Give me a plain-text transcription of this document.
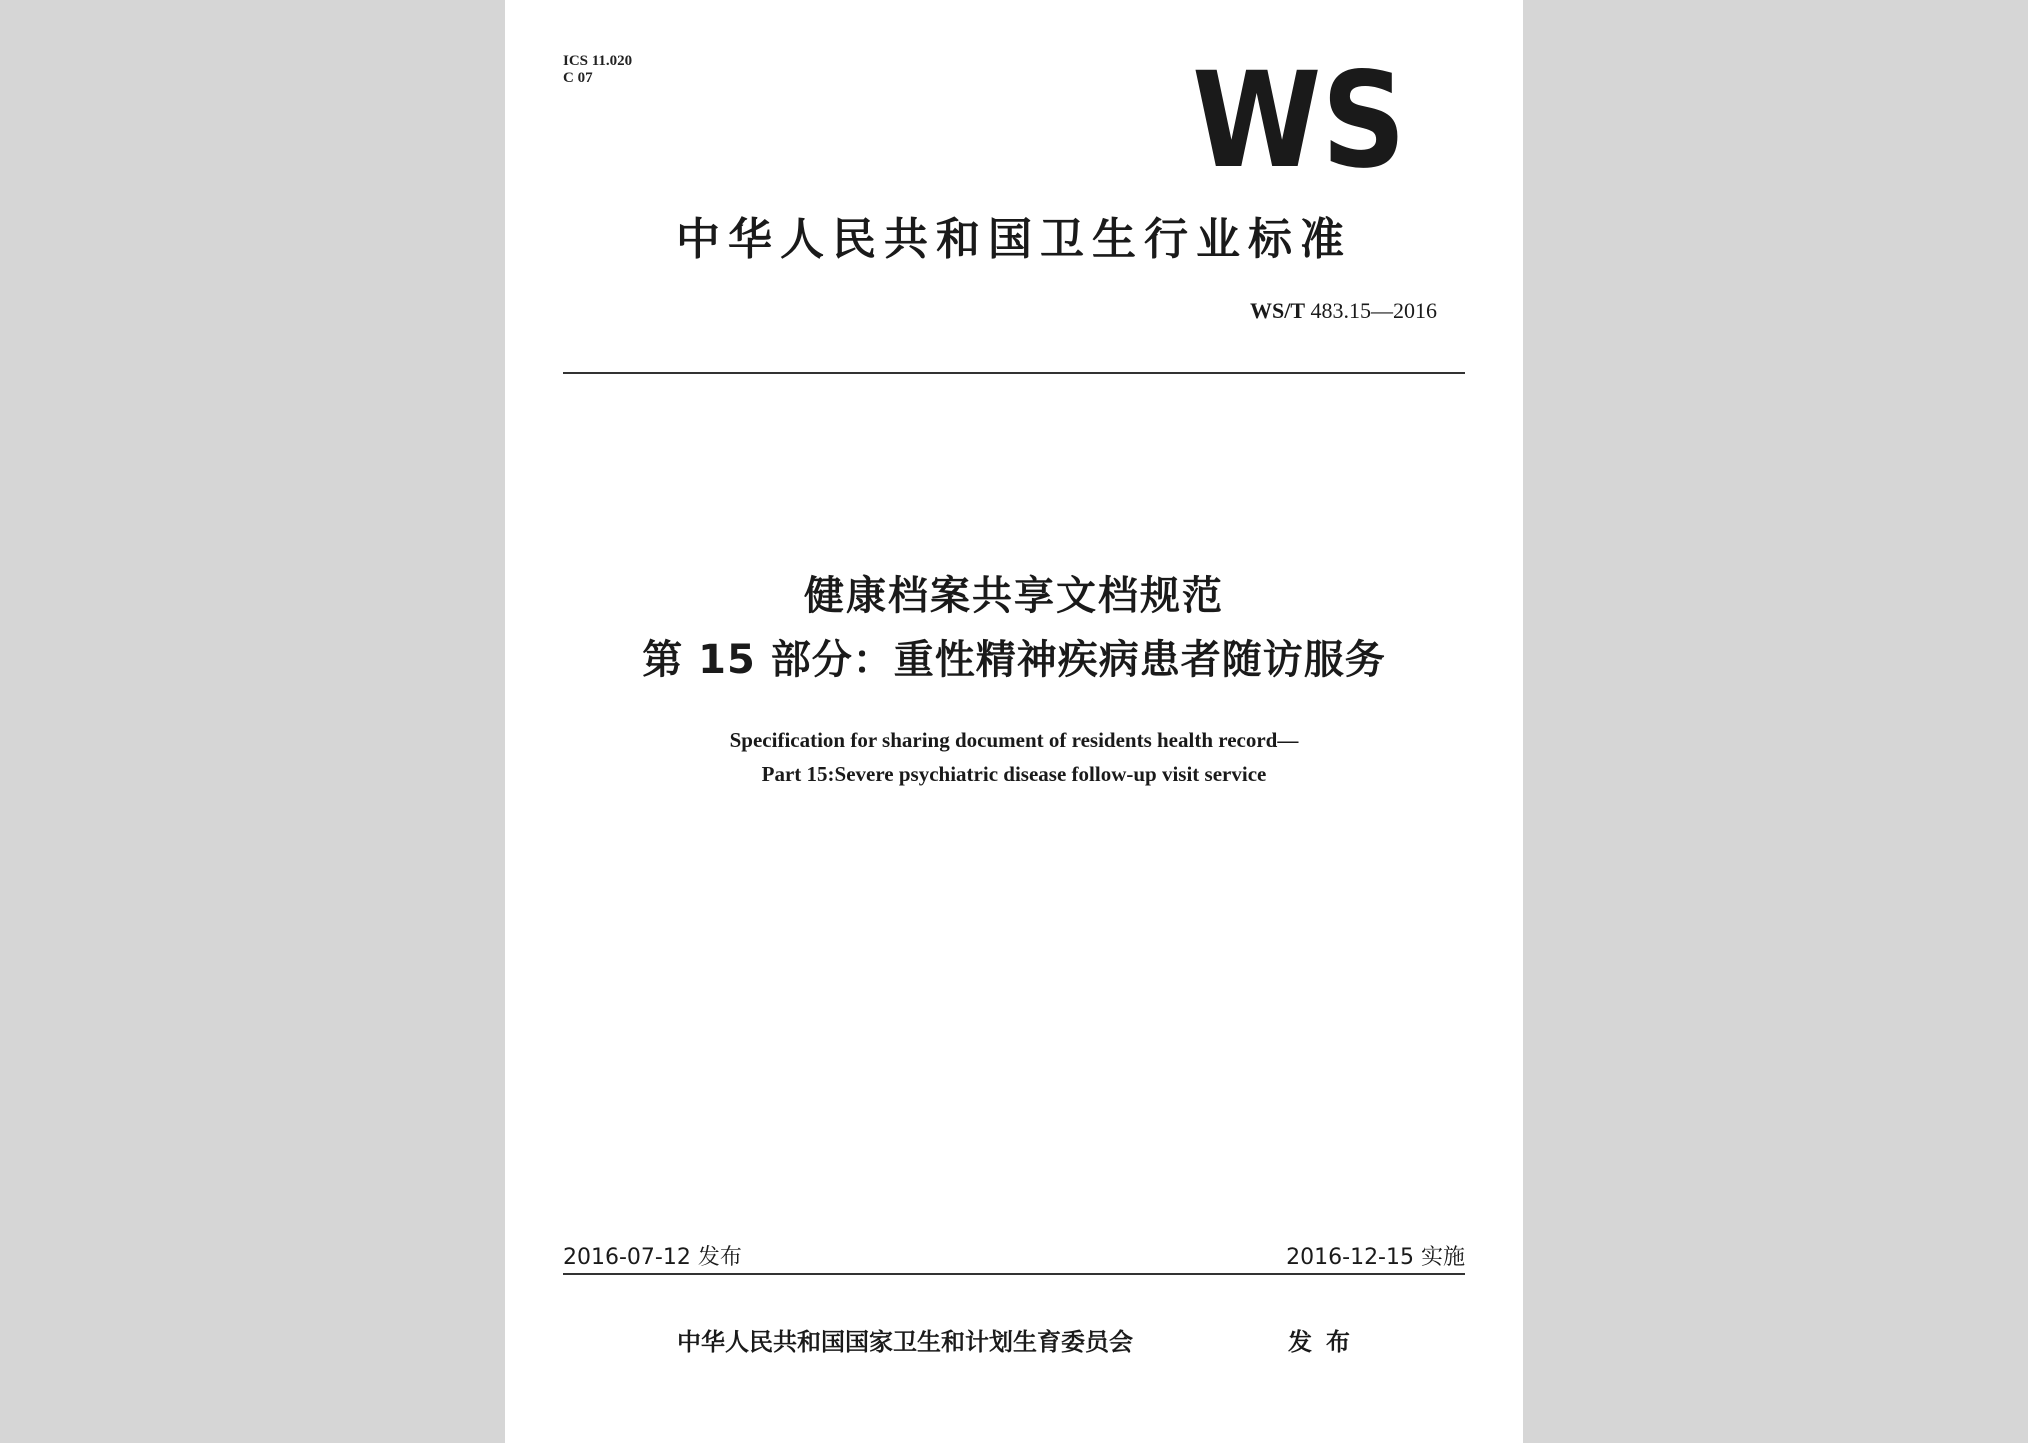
ICS 11.020
C 07	WS
中华人民共和国卫生行业标准
WS/T 483.15—2016
健康档案共享文档规范
第 15 部分：重性精神疾病患者随访服务
Specification for sharing document of residents health record—
Part 15:Severe psychiatric disease follow-up visit service
2016-07-12 发布	2016-12-15 实施
中华人民共和国国家卫生和计划生育委员会	发布
